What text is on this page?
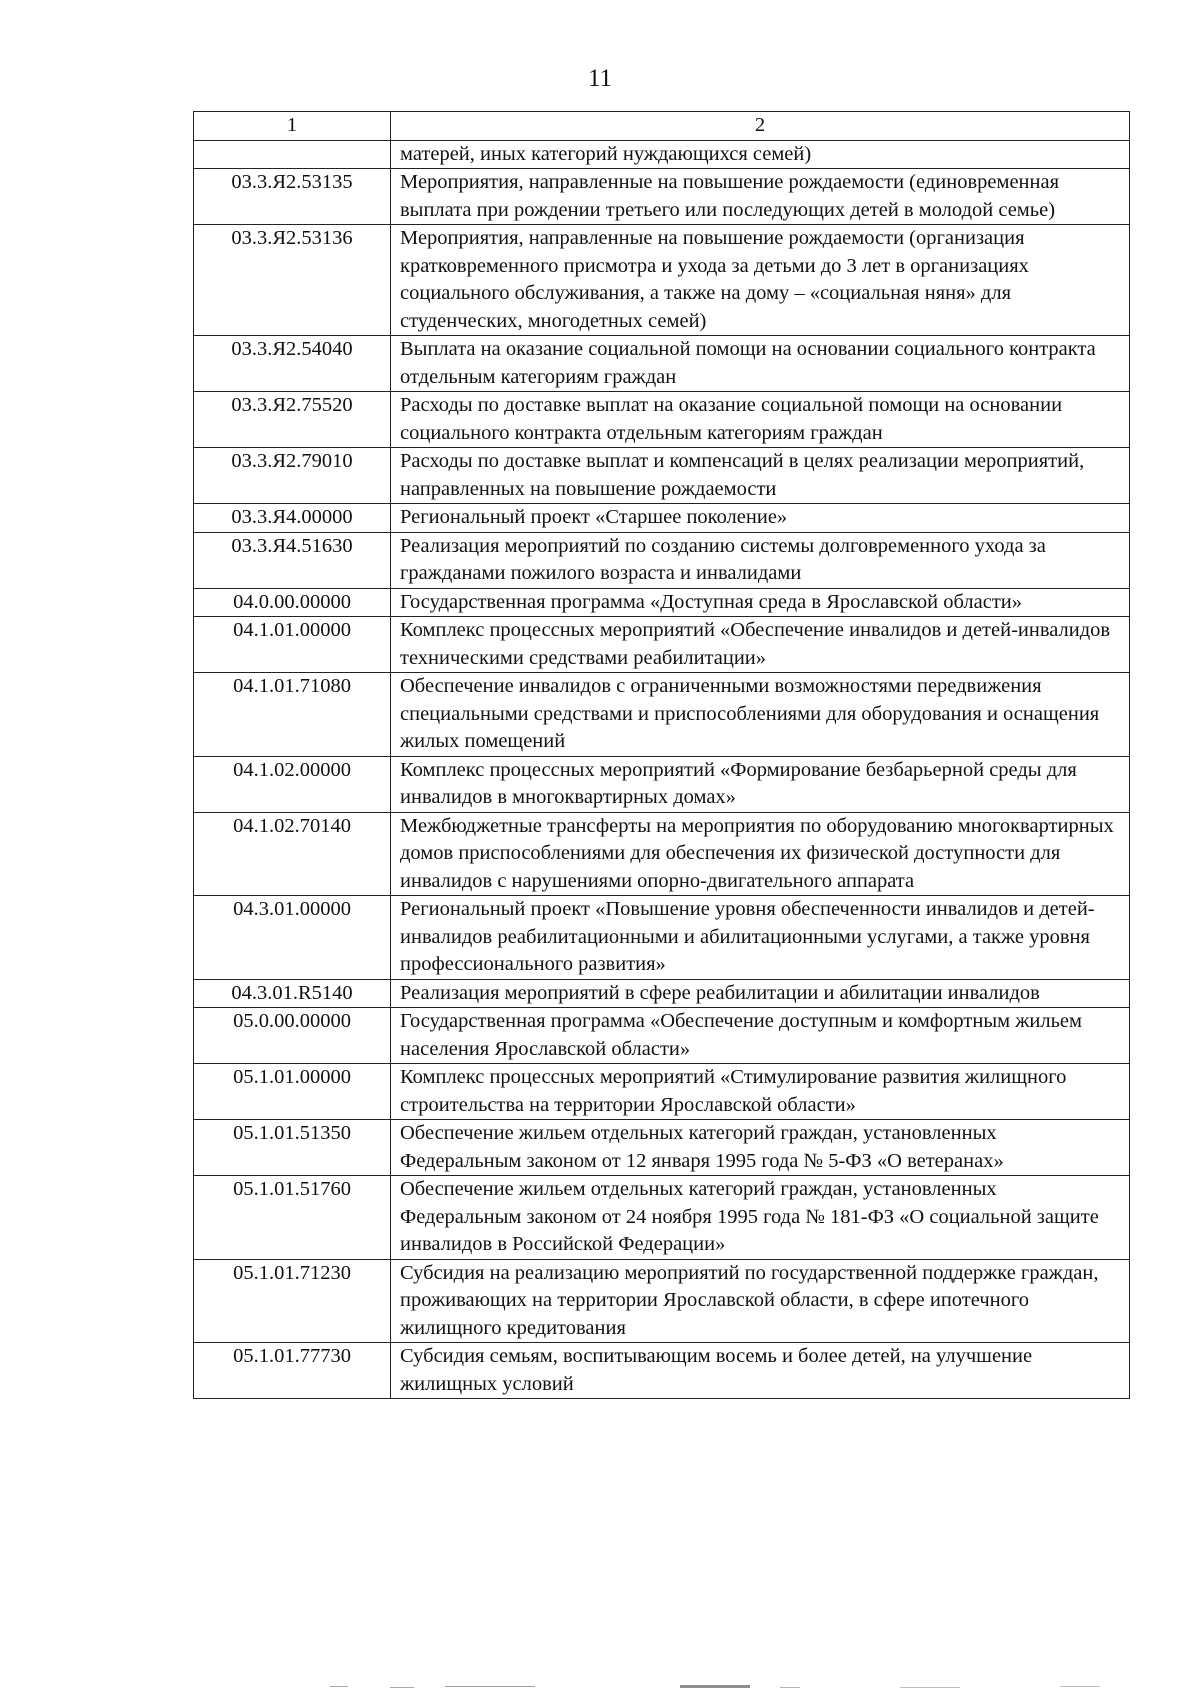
11
1	2
	матерей, иных категорий нуждающихся семей)
03.3.Я2.53135	Мероприятия, направленные на повышение рождаемости (единовременная выплата при рождении третьего или последующих детей в молодой семье)
03.3.Я2.53136	Мероприятия, направленные на повышение рождаемости (организация кратковременного присмотра и ухода за детьми до 3 лет в организациях социального обслуживания, а также на дому – «социальная няня» для студенческих, многодетных семей)
03.3.Я2.54040	Выплата на оказание социальной помощи на основании социального контракта отдельным категориям граждан
03.3.Я2.75520	Расходы по доставке выплат на оказание социальной помощи на основании социального контракта отдельным категориям граждан
03.3.Я2.79010	Расходы по доставке выплат и компенсаций в целях реализации мероприятий, направленных на повышение рождаемости
03.3.Я4.00000	Региональный проект «Старшее поколение»
03.3.Я4.51630	Реализация мероприятий по созданию системы долговременного ухода за гражданами пожилого возраста и инвалидами
04.0.00.00000	Государственная программа «Доступная среда в Ярославской области»
04.1.01.00000	Комплекс процессных мероприятий «Обеспечение инвалидов и детей-инвалидов техническими средствами реабилитации»
04.1.01.71080	Обеспечение инвалидов с ограниченными возможностями передвижения специальными средствами и приспособлениями для оборудования и оснащения жилых помещений
04.1.02.00000	Комплекс процессных мероприятий «Формирование безбарьерной среды для инвалидов в многоквартирных домах»
04.1.02.70140	Межбюджетные трансферты на мероприятия по оборудованию многоквартирных домов приспособлениями для обеспечения их физической доступности для инвалидов с нарушениями опорно-двигательного аппарата
04.3.01.00000	Региональный проект «Повышение уровня обеспеченности инвалидов и детей-инвалидов реабилитационными и абилитационными услугами, а также уровня профессионального развития»
04.3.01.R5140	Реализация мероприятий в сфере реабилитации и абилитации инвалидов
05.0.00.00000	Государственная программа «Обеспечение доступным и комфортным жильем населения Ярославской области»
05.1.01.00000	Комплекс процессных мероприятий «Стимулирование развития жилищного строительства на территории Ярославской области»
05.1.01.51350	Обеспечение жильем отдельных категорий граждан, установленных Федеральным законом от 12 января 1995 года № 5-ФЗ «О ветеранах»
05.1.01.51760	Обеспечение жильем отдельных категорий граждан, установленных Федеральным законом от 24 ноября 1995 года № 181-ФЗ «О социальной защите инвалидов в Российской Федерации»
05.1.01.71230	Субсидия на реализацию мероприятий по государственной поддержке граждан, проживающих на территории Ярославской области, в сфере ипотечного жилищного кредитования
05.1.01.77730	Субсидия семьям, воспитывающим восемь и более детей, на улучшение жилищных условий
